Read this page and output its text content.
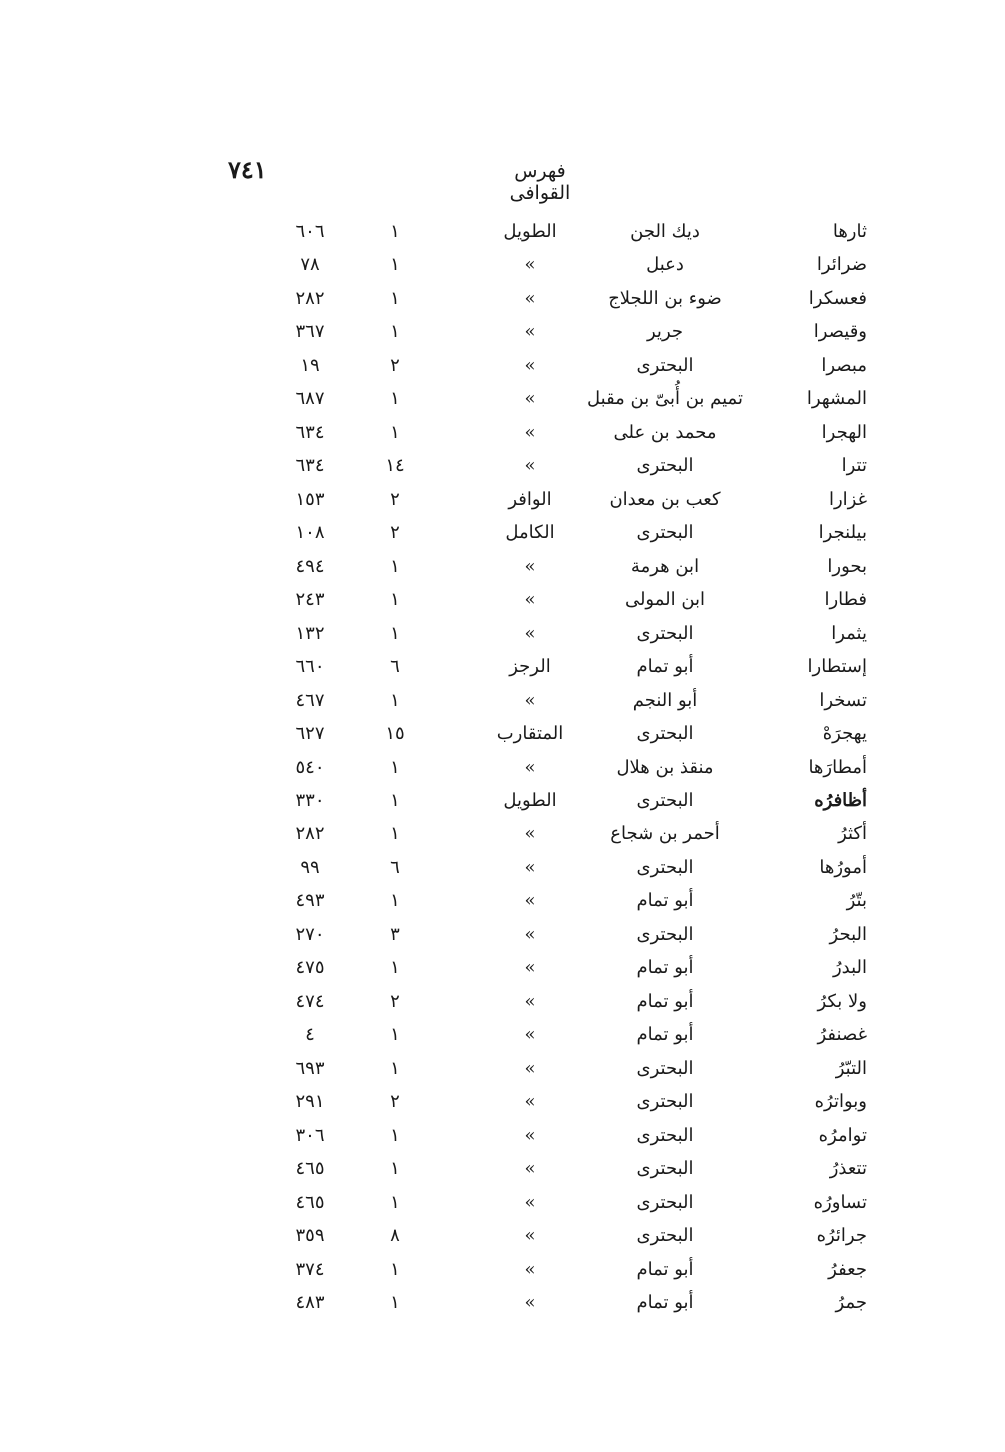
٧٤١	فهرس القوافى
ثارها
ديك الجن
الطويل
١
٦٠٦
ضرائرا
دعبل
»
١
٧٨
فعسكرا
ضوء بن اللجلاج
»
١
٢٨٢
وقيصرا
جرير
»
١
٣٦٧
مبصرا
البحترى
»
٢
١٩
المشهرا
تميم بن أُبىّ بن مقبل
»
١
٦٨٧
الهجرا
محمد بن على
»
١
٦٣٤
تترا
البحترى
»
١٤
٦٣٤
غزارا
كعب بن معدان
الوافر
٢
١٥٣
بيلنجرا
البحترى
الكامل
٢
١٠٨
بحورا
ابن هرمة
»
١
٤٩٤
فطارا
ابن المولى
»
١
٢٤٣
يثمرا
البحترى
»
١
١٣٢
إستطارا
أبو تمام
الرجز
٦
٦٦٠
تسخرا
أبو النجم
»
١
٤٦٧
يهجرَهْ
البحترى
المتقارب
١٥
٦٢٧
أمطارَها
منقذ بن هلال
»
١
٥٤٠
أظافرُه
البحترى
الطويل
١
٣٣٠
أكثرُ
أحمر بن شجاع
»
١
٢٨٢
أمورُها
البحترى
»
٦
٩٩
بتّرُ
أبو تمام
»
١
٤٩٣
البحرُ
البحترى
»
٣
٢٧٠
البدرُ
أبو تمام
»
١
٤٧٥
ولا بكرُ
أبو تمام
»
٢
٤٧٤
غصنفرُ
أبو تمام
»
١
٤
التبّرُ
البحترى
»
١
٦٩٣
وبواترُه
البحترى
»
٢
٢٩١
توامرُه
البحترى
»
١
٣٠٦
تتعذرُ
البحترى
»
١
٤٦٥
تساورُه
البحترى
»
١
٤٦٥
جرائرُه
البحترى
»
٨
٣٥٩
جعفرُ
أبو تمام
»
١
٣٧٤
جمرُ
أبو تمام
»
١
٤٨٣
